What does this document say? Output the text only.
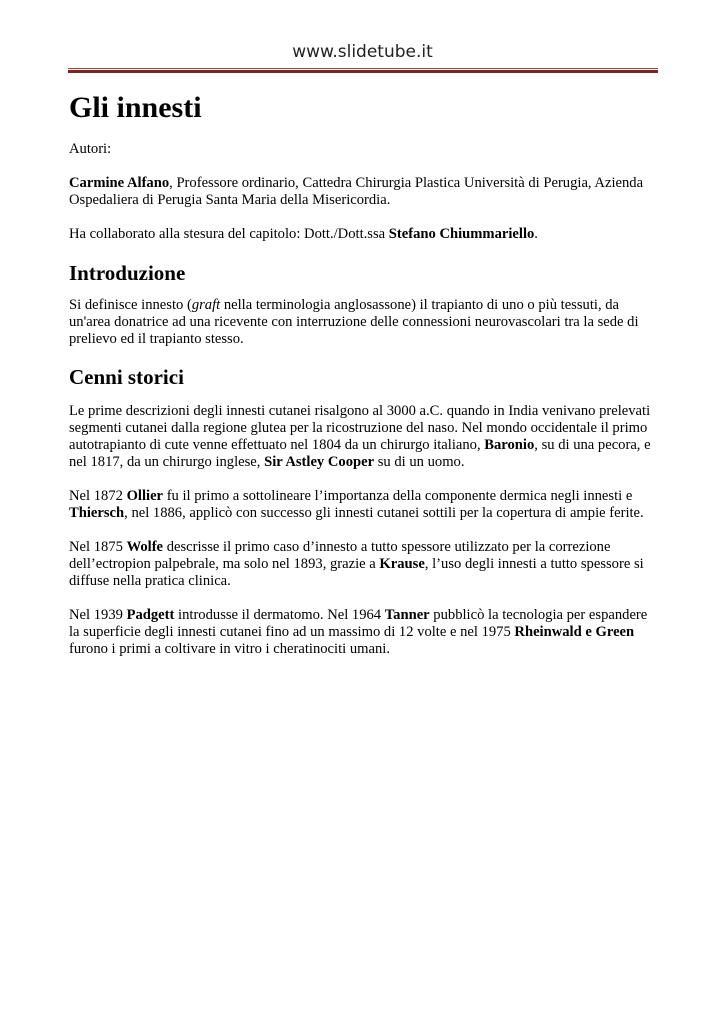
www.slidetube.it
Gli innesti

Autori:

Carmine Alfano, Professore ordinario, Cattedra Chirurgia Plastica Università di Perugia, Azienda Ospedaliera di Perugia Santa Maria della Misericordia.

Ha collaborato alla stesura del capitolo: Dott./Dott.ssa Stefano Chiummariello.

Introduzione

Si definisce innesto (graft nella terminologia anglosassone) il trapianto di uno o più tessuti, da un'area donatrice ad una ricevente con interruzione delle connessioni neurovascolari tra la sede di prelievo ed il trapianto stesso.

Cenni storici

Le prime descrizioni degli innesti cutanei risalgono al 3000 a.C. quando in India venivano prelevati segmenti cutanei dalla regione glutea per la ricostruzione del naso. Nel mondo occidentale il primo autotrapianto di cute venne effettuato nel 1804 da un chirurgo italiano, Baronio, su di una pecora, e nel 1817, da un chirurgo inglese, Sir Astley Cooper su di un uomo.

Nel 1872 Ollier fu il primo a sottolineare l’importanza della componente dermica negli innesti e Thiersch, nel 1886, applicò con successo gli innesti cutanei sottili per la copertura di ampie ferite.

Nel 1875 Wolfe descrisse il primo caso d’innesto a tutto spessore utilizzato per la correzione dell’ectropion palpebrale, ma solo nel 1893, grazie a Krause, l’uso degli innesti a tutto spessore si diffuse nella pratica clinica.

Nel 1939 Padgett introdusse il dermatomo. Nel 1964 Tanner pubblicò la tecnologia per espandere la superficie degli innesti cutanei fino ad un massimo di 12 volte e nel 1975 Rheinwald e Green furono i primi a coltivare in vitro i cheratinociti umani.
